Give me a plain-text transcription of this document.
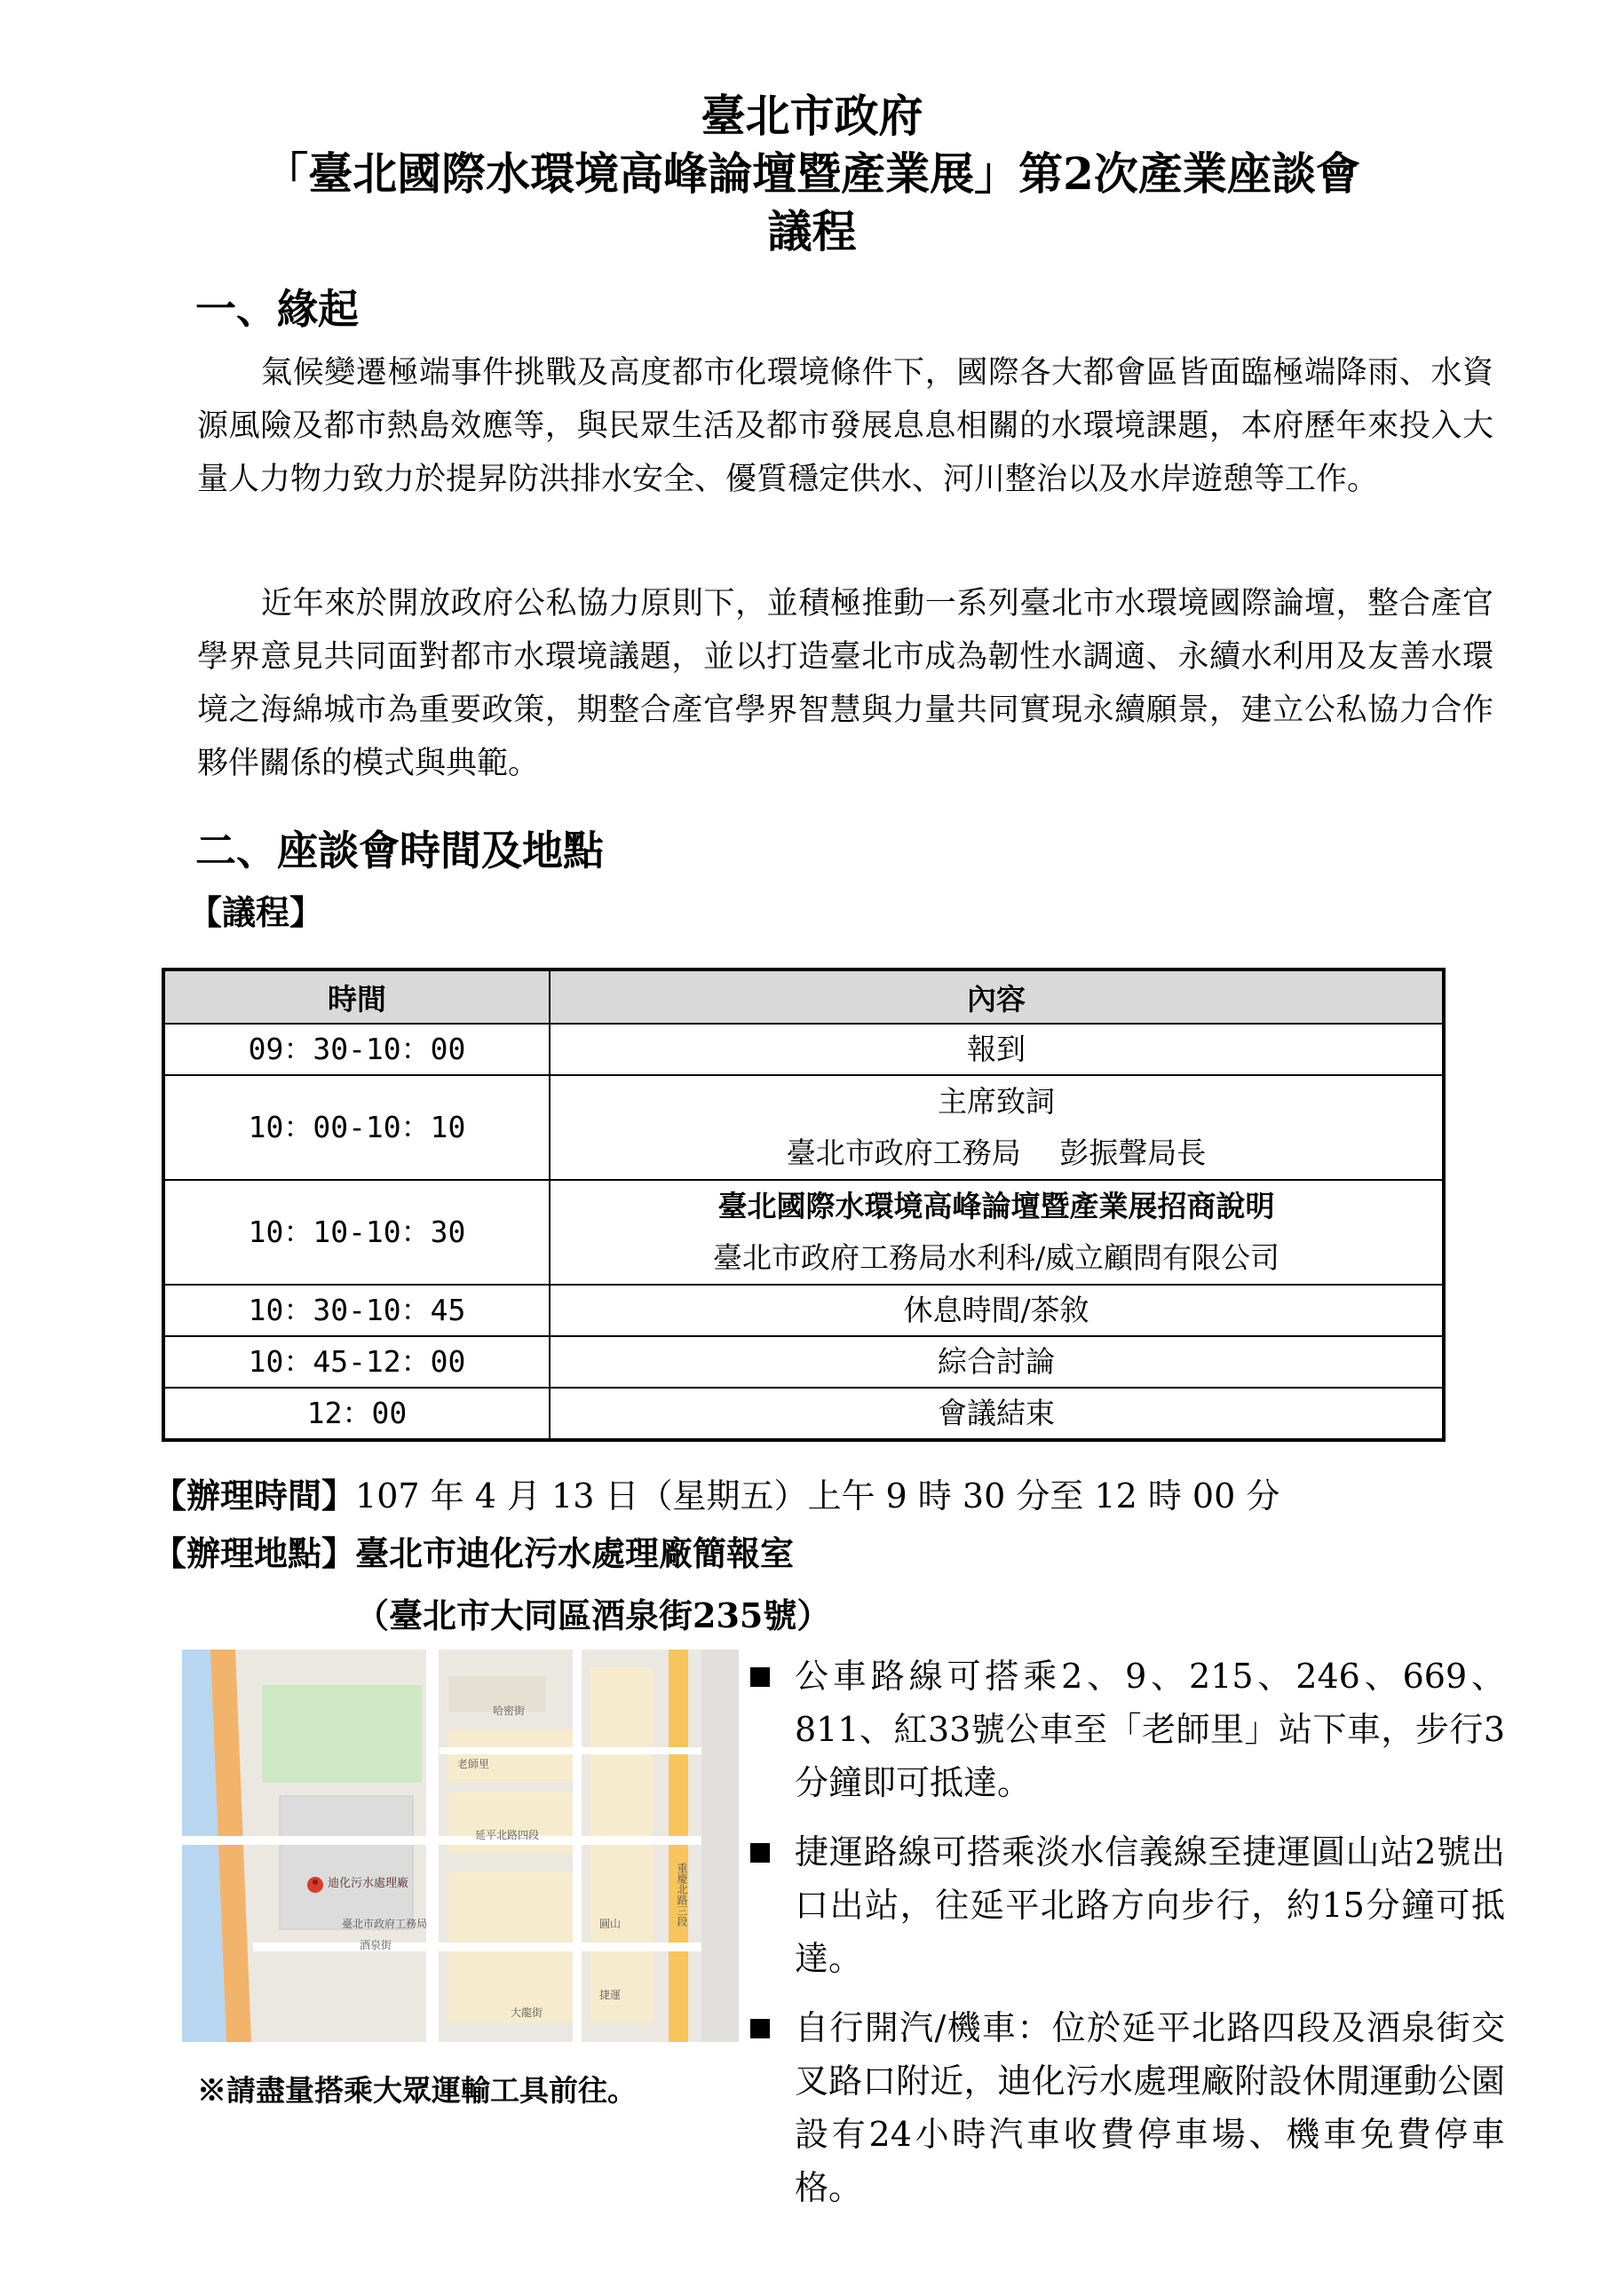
臺北市政府
「臺北國際水環境高峰論壇暨產業展」第2次產業座談會
議程
一、緣起
氣候變遷極端事件挑戰及高度都市化環境條件下，國際各大都會區皆面臨極端降雨、水資源風險及都市熱島效應等，與民眾生活及都市發展息息相關的水環境課題，本府歷年來投入大量人力物力致力於提昇防洪排水安全、優質穩定供水、河川整治以及水岸遊憩等工作。
近年來於開放政府公私協力原則下，並積極推動一系列臺北市水環境國際論壇，整合產官學界意見共同面對都市水環境議題，並以打造臺北市成為韌性水調適、永續水利用及友善水環境之海綿城市為重要政策，期整合產官學界智慧與力量共同實現永續願景，建立公私協力合作夥伴關係的模式與典範。
二、座談會時間及地點
【議程】
時間	內容
09：30-10：00	報到

10：00-10：10	主席致詞
臺北市政府工務局　 彭振聲局長

10：10-10：30	臺北國際水環境高峰論壇暨產業展招商說明
臺北市政府工務局水利科/威立顧問有限公司

10：30-10：45	休息時間/茶敘

10：45-12：00	綜合討論

12：00	會議結束
【辦理時間】107 年 4 月 13 日（星期五）上午 9 時 30 分至 12 時 00 分
【辦理地點】臺北市迪化污水處理廠簡報室
（臺北市大同區酒泉街235號）
迪化污水處理廠
臺北市政府工務局
延平北路四段
酒泉街
老師里
重慶北路三段
哈密街
大龍街
圓山
捷運
※請盡量搭乘大眾運輸工具前往。
公車路線可搭乘2、9、215、246、669、811、紅33號公車至「老師里」站下車，步行3分鐘即可抵達。
捷運路線可搭乘淡水信義線至捷運圓山站2號出口出站，往延平北路方向步行，約15分鐘可抵達。
自行開汽/機車：位於延平北路四段及酒泉街交叉路口附近，迪化污水處理廠附設休閒運動公園設有24小時汽車收費停車場、機車免費停車格。
